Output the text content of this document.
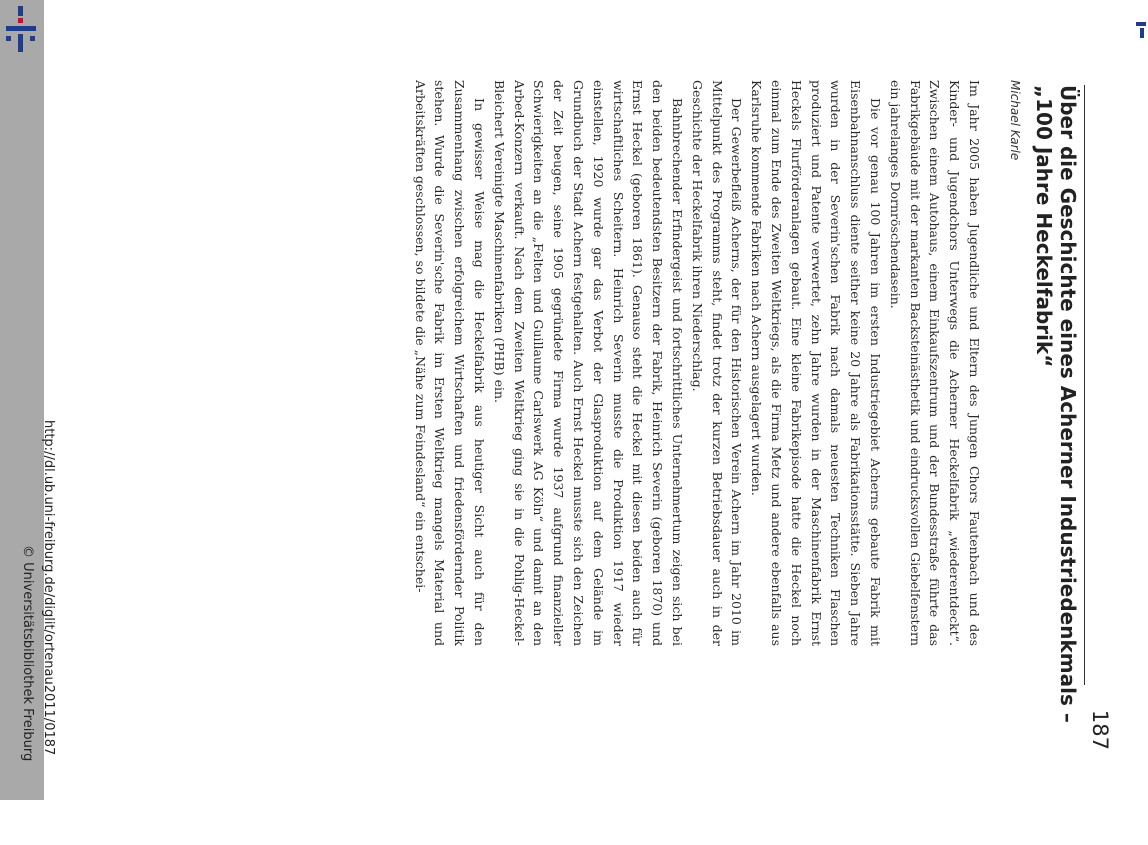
187
Über die Geschichte eines Acherner Industriedenkmals – „100 Jahre Heckelfabrik“
Michael Karle

Im Jahr 2005 haben Jugendliche und Eltern des Jungen Chors Fautenbach und des Kinder- und Jugendchors Unterwegs die Acherner Heckelfabrik „wiederentdeckt“. Zwischen einem Autohaus, einem Einkaufszentrum und der Bundesstraße führte das Fabrikgebäude mit der markanten Backsteinästhetik und eindrucksvollen Giebelfenstern ein jahrelanges Dornröschendasein.

Die vor genau 100 Jahren im ersten Industriegebiet Acherns gebaute Fabrik mit Eisenbahnanschluss diente seither keine 20 Jahre als Fabrikationsstätte. Sieben Jahre wurden in der Severin'schen Fabrik nach damals neuesten Techniken Flaschen produziert und Patente verwertet, zehn Jahre wurden in der Maschinenfabrik Ernst Heckels Flurförderanlagen gebaut. Eine kleine Fabrikepisode hatte die Heckel noch einmal zum Ende des Zweiten Weltkriegs, als die Firma Metz und andere ebenfalls aus Karlsruhe kommende Fabriken nach Achern ausgelagert wurden.

Der Gewerbefleiß Acherns, der für den Historischen Verein Achern im Jahr 2010 im Mittelpunkt des Programms steht, findet trotz der kurzen Betriebsdauer auch in der Geschichte der Heckelfabrik ihren Niederschlag.

Bahnbrechender Erfindergeist und fortschrittliches Unternehmertum zeigen sich bei den beiden bedeutendsten Besitzern der Fabrik, Heinrich Severin (geboren 1870) und Ernst Heckel (geboren 1861). Genauso steht die Heckel mit diesen beiden auch für wirtschaftliches Scheitern. Heinrich Severin musste die Produktion 1917 wieder einstellen, 1920 wurde gar das Verbot der Glasproduktion auf dem Gelände im Grundbuch der Stadt Achern festgehalten. Auch Ernst Heckel musste sich den Zeichen der Zeit beugen, seine 1905 gegründete Firma wurde 1937 aufgrund finanzieller Schwierigkeiten an die „Felten und Guillaume Carlswerk AG Köln“ und damit an den Arbed-Konzern verkauft. Nach dem Zweiten Weltkrieg ging sie in die Pohlig-Heckel-Bleichert Vereinigte Maschinenfabriken (PHB) ein.

In gewisser Weise mag die Heckelfabrik aus heutiger Sicht auch für den Zusammenhang zwischen erfolgreichem Wirtschaften und friedensfördernder Politik stehen. Wurde die Severin'sche Fabrik im Ersten Weltkrieg mangels Material und Arbeitskräften geschlossen, so bildete die „Nähe zum Feindesland“ ein entschei-

http://dl.ub.uni-freiburg.de/diglit/ortenau2011/0187
© Universitätsbibliothek Freiburg
